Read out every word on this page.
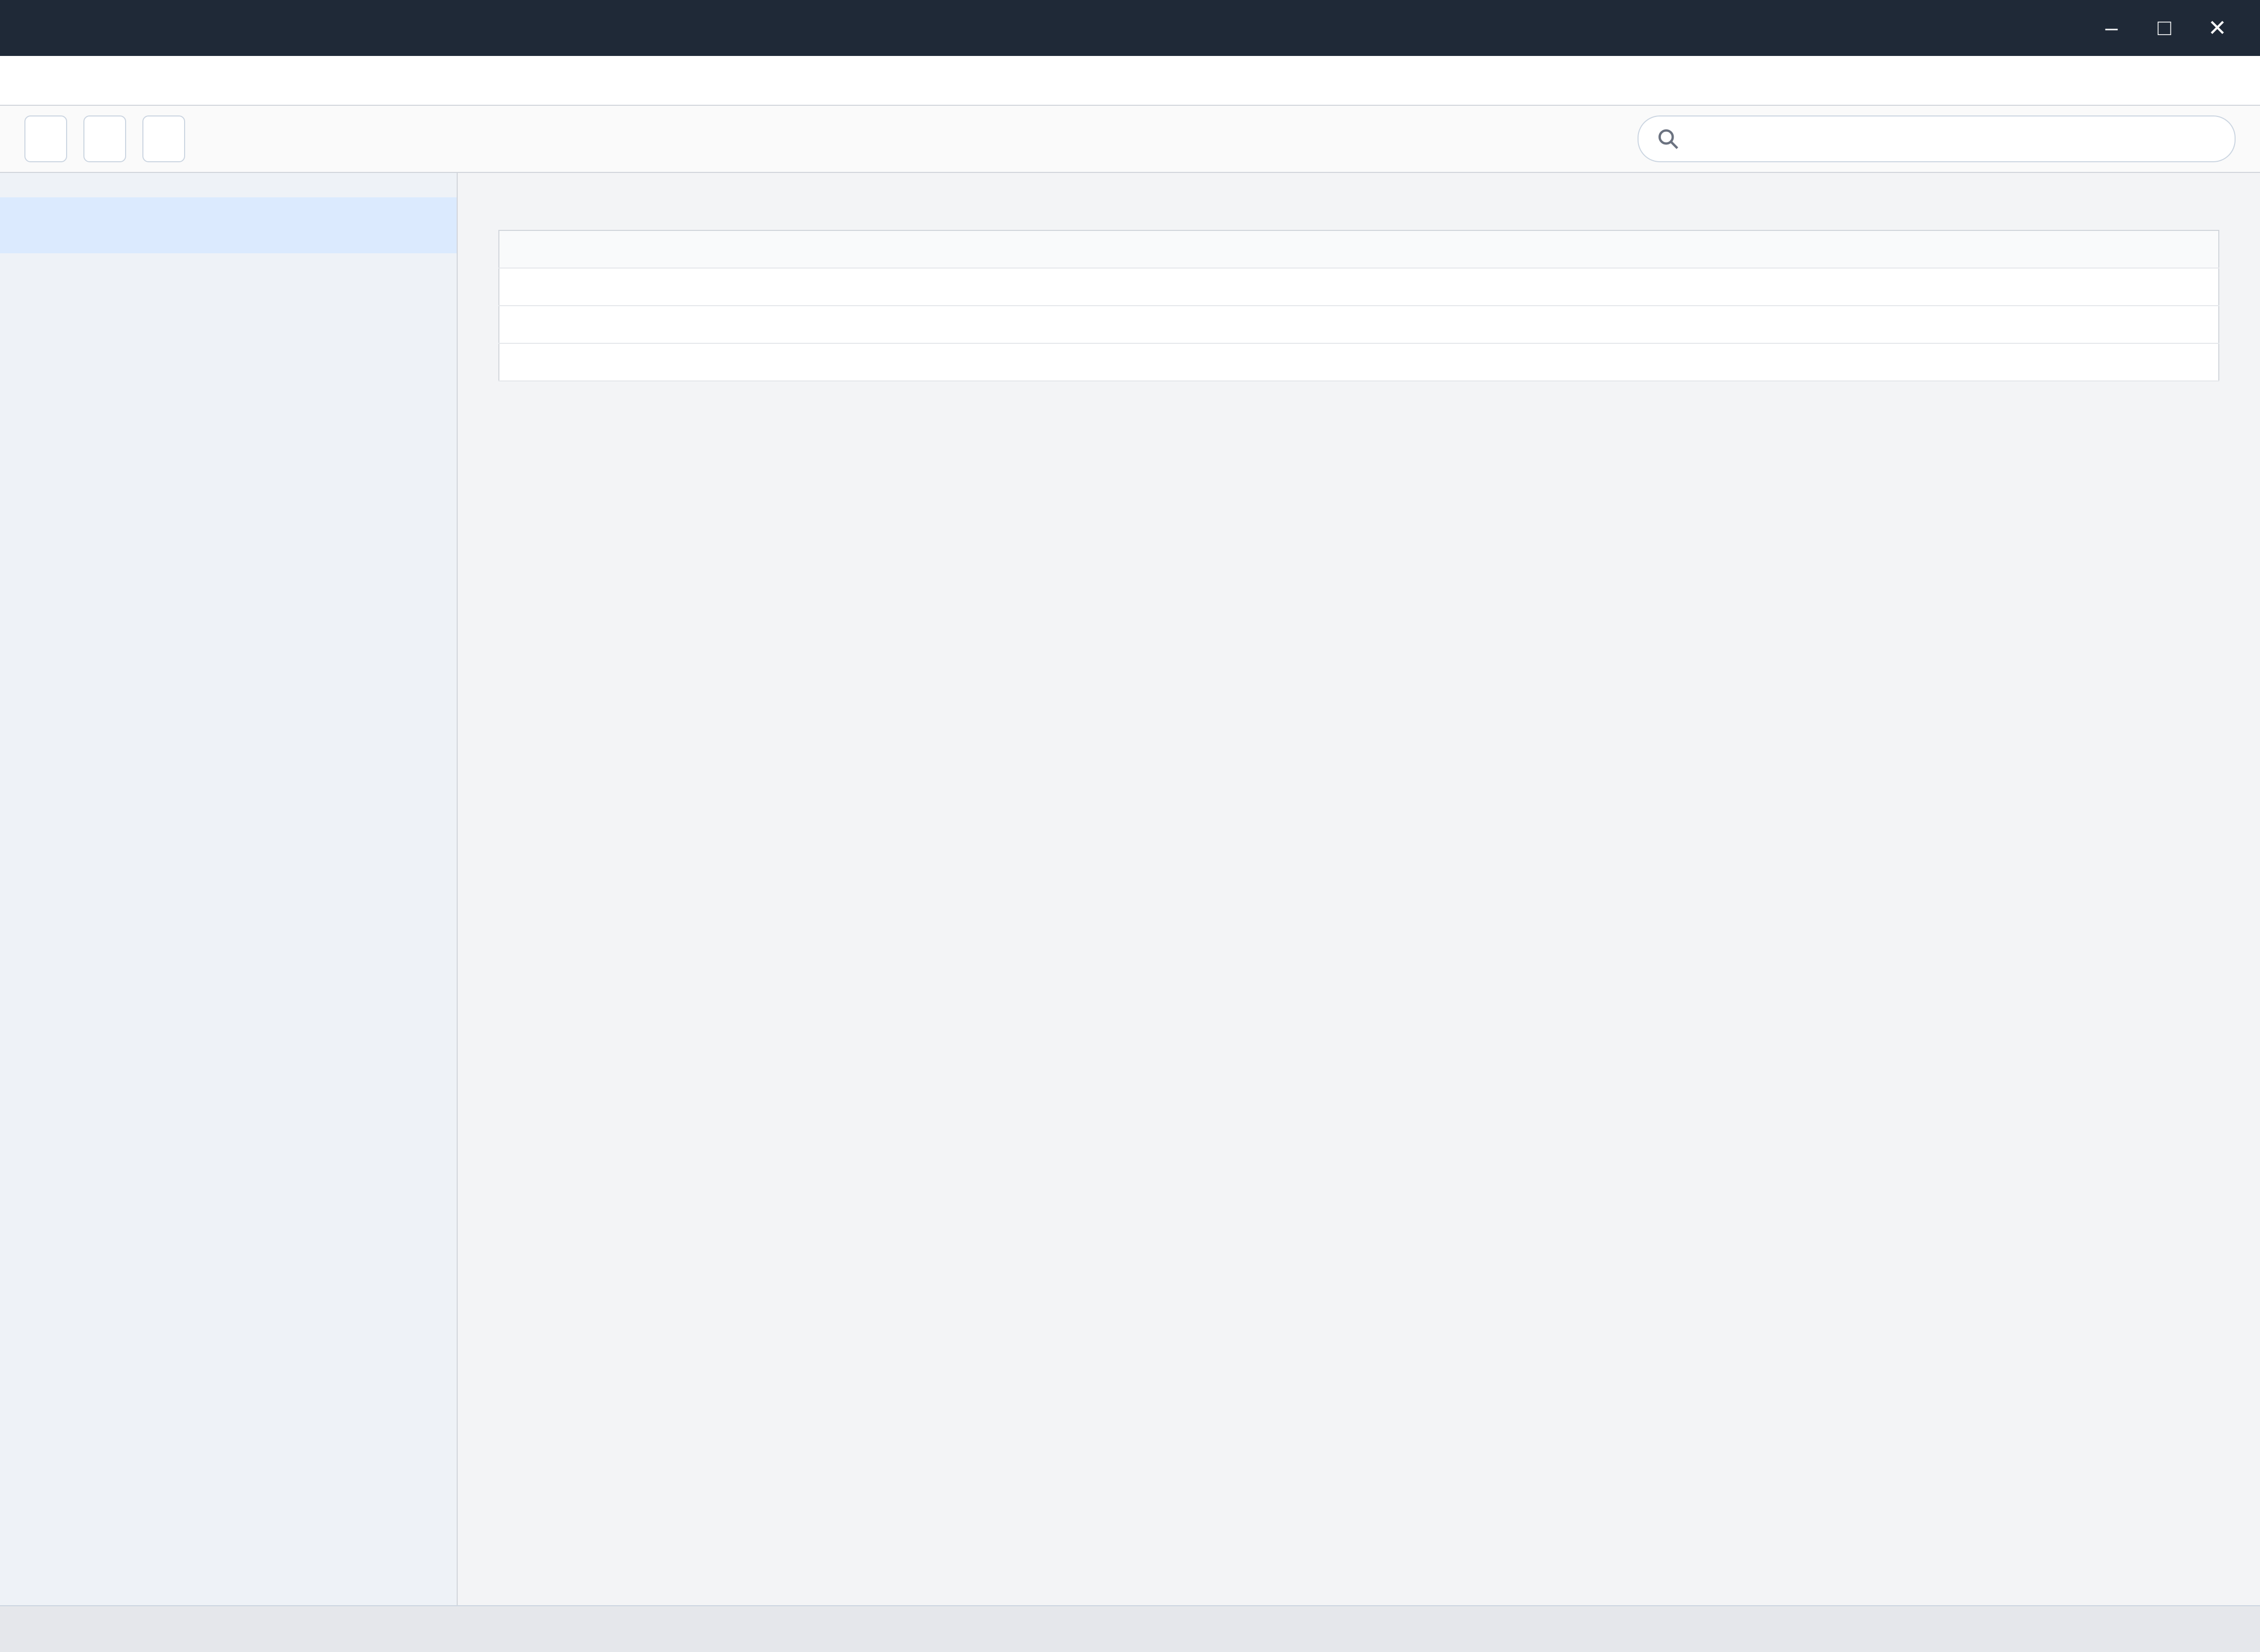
–	□	✕
